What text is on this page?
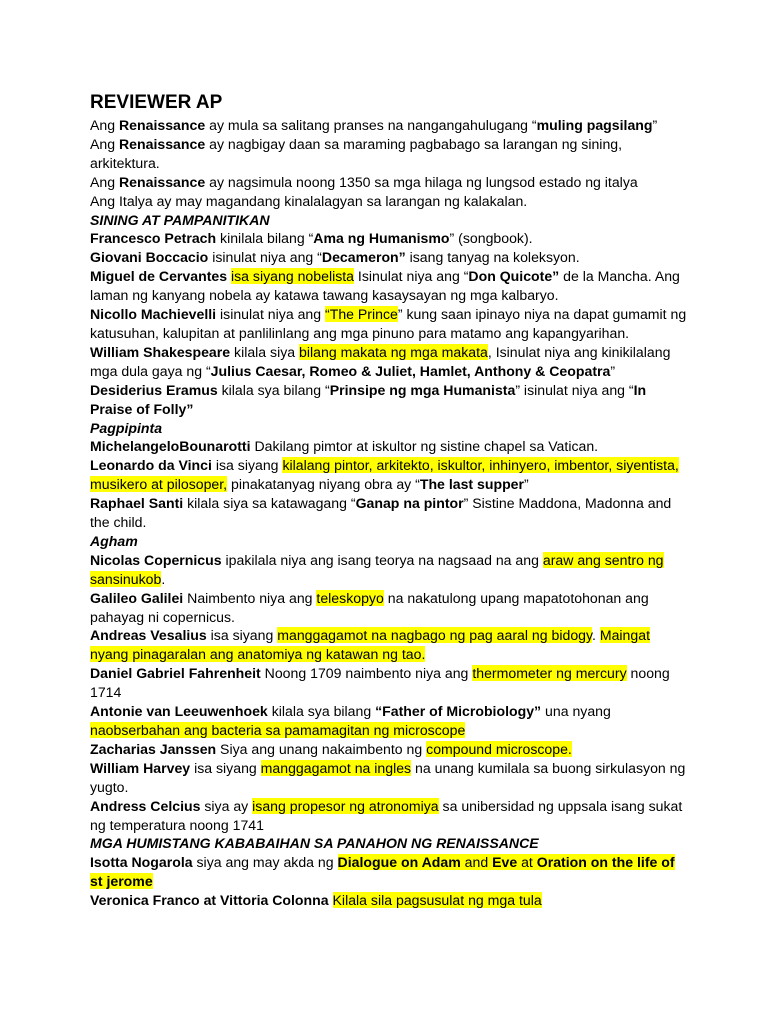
REVIEWER AP

Ang Renaissance ay mula sa salitang pranses na nangangahulugang “muling pagsilang”

Ang Renaissance ay nagbigay daan sa maraming pagbabago sa larangan ng sining, arkitektura.

Ang Renaissance ay nagsimula noong 1350 sa mga hilaga ng lungsod estado ng italya

Ang Italya ay may magandang kinalalagyan sa larangan ng kalakalan.

SINING AT PAMPANITIKAN

Francesco Petrach kinilala bilang “Ama ng Humanismo” (songbook).

Giovani Boccacio isinulat niya ang “Decameron” isang tanyag na koleksyon.

Miguel de Cervantes isa siyang nobelista Isinulat niya ang “Don Quicote” de la Mancha. Ang laman ng kanyang nobela ay katawa tawang kasaysayan ng mga kalbaryo.

Nicollo Machievelli isinulat niya ang “The Prince” kung saan ipinayo niya na dapat gumamit ng katusuhan, kalupitan at panlilinlang ang mga pinuno para matamo ang kapangyarihan.

William Shakespeare kilala siya bilang makata ng mga makata, Isinulat niya ang kinikilalang mga dula gaya ng “Julius Caesar, Romeo & Juliet, Hamlet, Anthony & Ceopatra”

Desiderius Eramus kilala sya bilang “Prinsipe ng mga Humanista” isinulat niya ang “In Praise of Folly”

Pagpipinta

MichelangeloBounarotti Dakilang pimtor at iskultor ng sistine chapel sa Vatican.

Leonardo da Vinci isa siyang kilalang pintor, arkitekto, iskultor, inhinyero, imbentor, siyentista, musikero at pilosoper, pinakatanyag niyang obra ay “The last supper”

Raphael Santi kilala siya sa katawagang “Ganap na pintor” Sistine Maddona, Madonna and the child.

Agham

Nicolas Copernicus ipakilala niya ang isang teorya na nagsaad na ang araw ang sentro ng sansinukob.

Galileo Galilei Naimbento niya ang teleskopyo na nakatulong upang mapatotohonan ang pahayag ni copernicus.

Andreas Vesalius isa siyang manggagamot na nagbago ng pag aaral ng bidogy. Maingat nyang pinagaralan ang anatomiya ng katawan ng tao.

Daniel Gabriel Fahrenheit Noong 1709 naimbento niya ang thermometer ng mercury noong 1714

Antonie van Leeuwenhoek kilala sya bilang “Father of Microbiology” una nyang naobserbahan ang bacteria sa pamamagitan ng microscope

Zacharias Janssen Siya ang unang nakaimbento ng compound microscope.

William Harvey isa siyang manggagamot na ingles na unang kumilala sa buong sirkulasyon ng yugto.

Andress Celcius siya ay isang propesor ng atronomiya sa unibersidad ng uppsala isang sukat ng temperatura noong 1741

MGA HUMISTANG KABABAIHAN SA PANAHON NG RENAISSANCE

Isotta Nogarola siya ang may akda ng Dialogue on Adam and Eve at Oration on the life of st jerome

Veronica Franco at Vittoria Colonna Kilala sila pagsusulat ng mga tula
